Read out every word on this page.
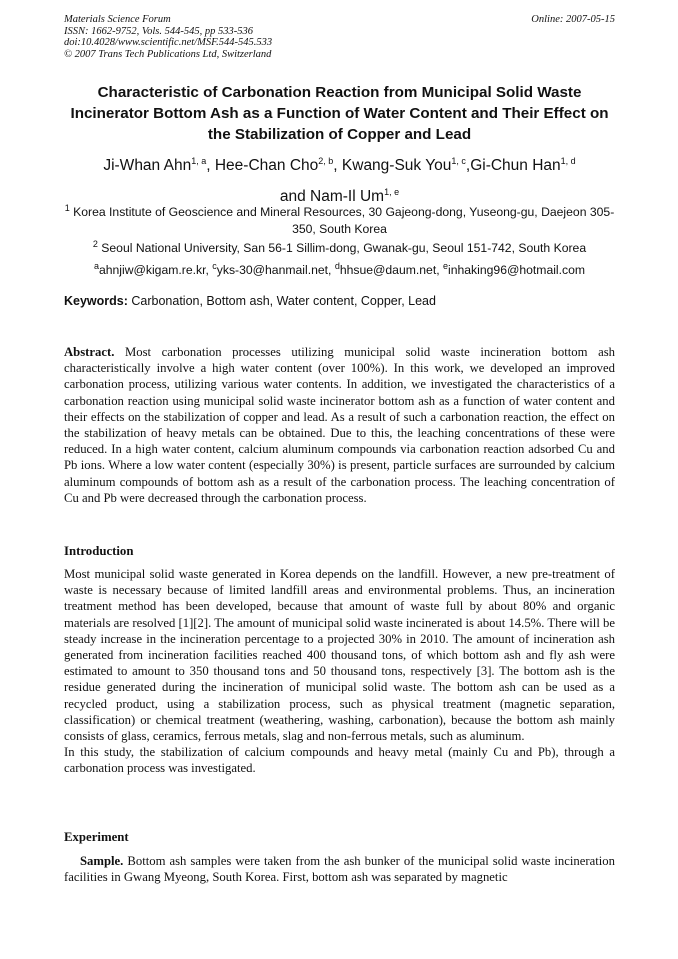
Materials Science Forum
ISSN: 1662-9752, Vols. 544-545, pp 533-536
doi:10.4028/www.scientific.net/MSF.544-545.533
© 2007 Trans Tech Publications Ltd, Switzerland
Online: 2007-05-15
Characteristic of Carbonation Reaction from Municipal Solid Waste Incinerator Bottom Ash as a Function of Water Content and Their Effect on the Stabilization of Copper and Lead
Ji-Whan Ahn$^{1, a}$, Hee-Chan Cho$^{2, b}$, Kwang-Suk You$^{1, c}$,Gi-Chun Han$^{1, d}$
and Nam-Il Um$^{1, e}$
$^1$ Korea Institute of Geoscience and Mineral Resources, 30 Gajeong-dong, Yuseong-gu, Daejeon 305-350, South Korea
$^2$ Seoul National University, San 56-1 Sillim-dong, Gwanak-gu, Seoul 151-742, South Korea
$^a$ahnjiw@kigam.re.kr, $^c$yks-30@hanmail.net, $^d$hhsue@daum.net, $^e$inhaking96@hotmail.com
Keywords: Carbonation, Bottom ash, Water content, Copper, Lead

Abstract. Most carbonation processes utilizing municipal solid waste incineration bottom ash characteristically involve a high water content (over 100%). In this work, we developed an improved carbonation process, utilizing various water contents. In addition, we investigated the characteristics of a carbonation reaction using municipal solid waste incinerator bottom ash as a function of water content and their effects on the stabilization of copper and lead. As a result of such a carbonation reaction, the effect on the stabilization of heavy metals can be obtained. Due to this, the leaching concentrations of these were reduced. In a high water content, calcium aluminum compounds via carbonation reaction adsorbed Cu and Pb ions. Where a low water content (especially 30%) is present, particle surfaces are surrounded by calcium aluminum compounds of bottom ash as a result of the carbonation process. The leaching concentration of Cu and Pb were decreased through the carbonation process.

Introduction

Most municipal solid waste generated in Korea depends on the landfill. However, a new pre-treatment of waste is necessary because of limited landfill areas and environmental problems. Thus, an incineration treatment method has been developed, because that amount of waste full by about 80% and organic materials are resolved [1][2]. The amount of municipal solid waste incinerated is about 14.5%. There will be steady increase in the incineration percentage to a projected 30% in 2010. The amount of incineration ash generated from incineration facilities reached 400 thousand tons, of which bottom ash and fly ash were estimated to amount to 350 thousand tons and 50 thousand tons, respectively [3]. The bottom ash is the residue generated during the incineration of municipal solid waste. The bottom ash can be used as a recycled product, using a stabilization process, such as physical treatment (magnetic separation, classification) or chemical treatment (weathering, washing, carbonation), because the bottom ash mainly consists of glass, ceramics, ferrous metals, slag and non-ferrous metals, such as aluminum.
In this study, the stabilization of calcium compounds and heavy metal (mainly Cu and Pb), through a carbonation process was investigated.

Experiment

Sample. Bottom ash samples were taken from the ash bunker of the municipal solid waste incineration facilities in Gwang Myeong, South Korea. First, bottom ash was separated by magnetic
